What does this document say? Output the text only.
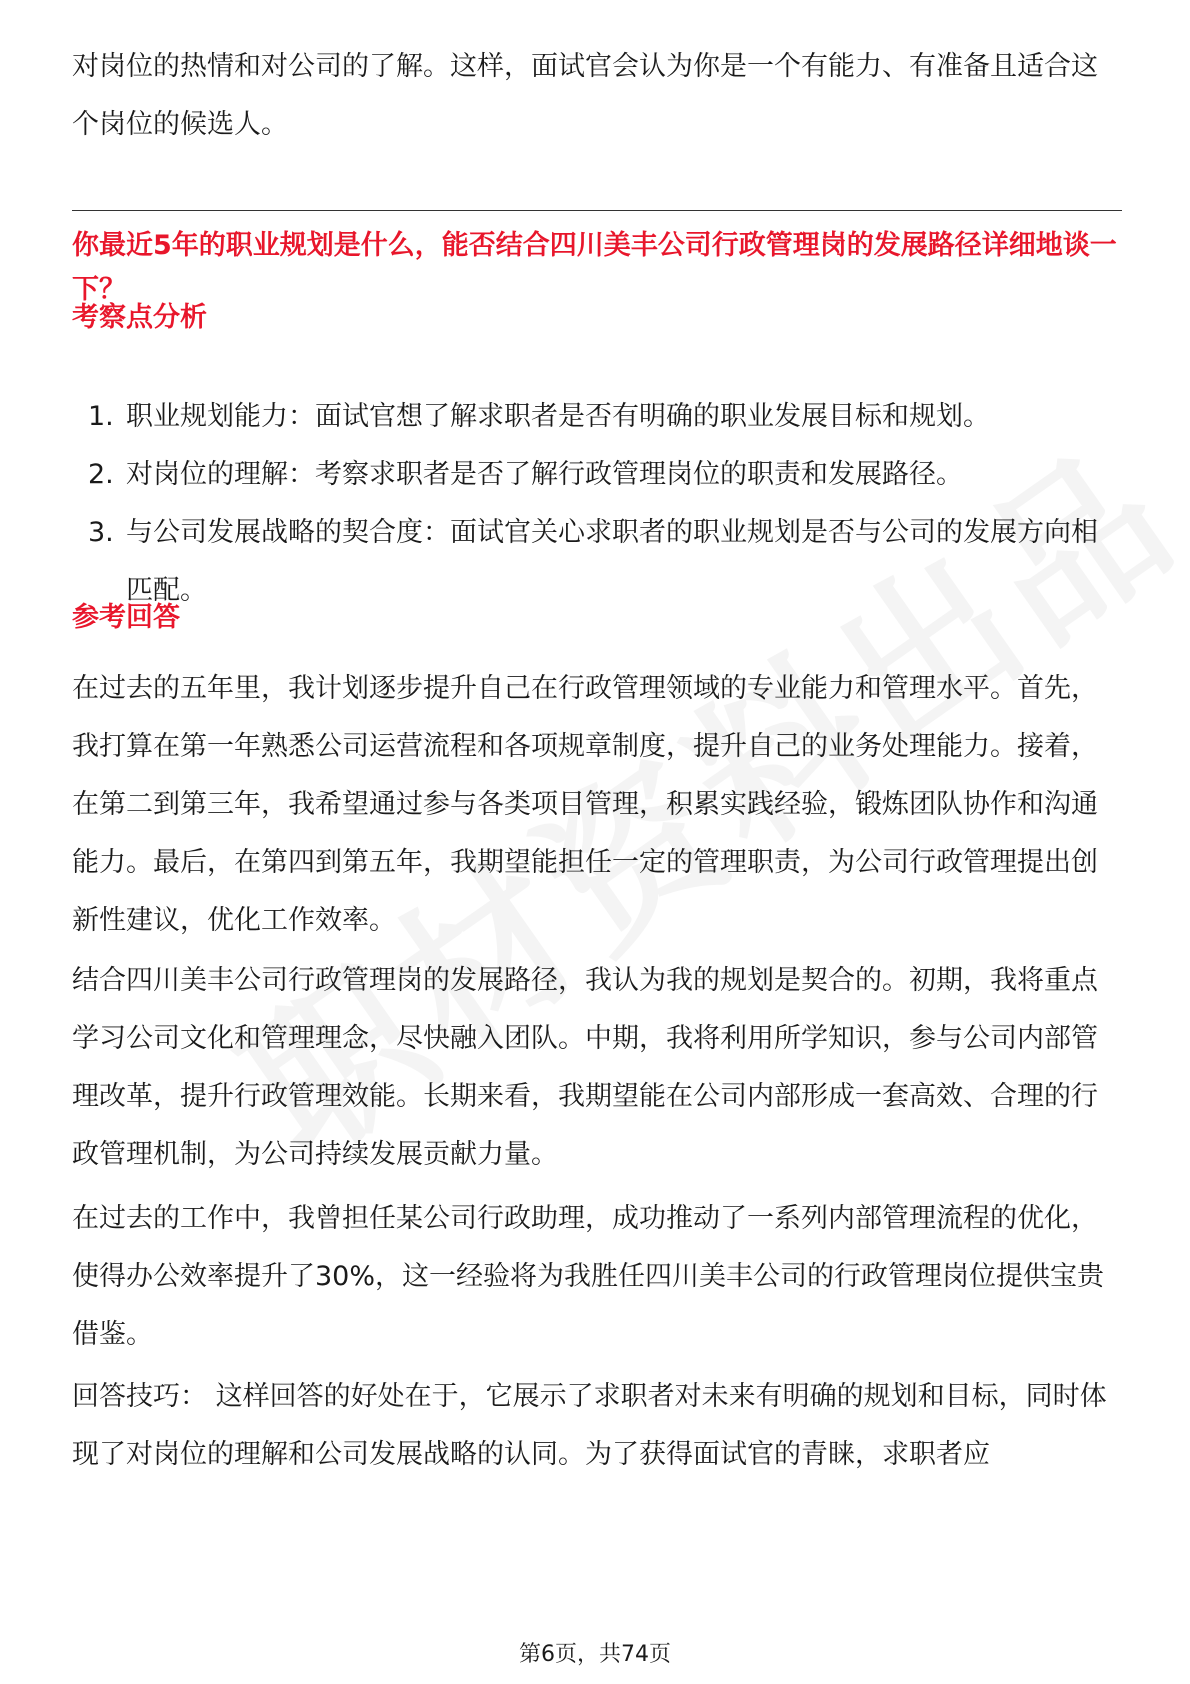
对岗位的热情和对公司的了解。这样，面试官会认为你是一个有能力、有准备且适合这个岗位的候选人。

你最近5年的职业规划是什么，能否结合四川美丰公司行政管理岗的发展路径详细地谈一下？

考察点分析
1. 职业规划能力：面试官想了解求职者是否有明确的职业发展目标和规划。
2. 对岗位的理解：考察求职者是否了解行政管理岗位的职责和发展路径。
3. 与公司发展战略的契合度：面试官关心求职者的职业规划是否与公司的发展方向相匹配。
参考回答

在过去的五年里，我计划逐步提升自己在行政管理领域的专业能力和管理水平。首先，我打算在第一年熟悉公司运营流程和各项规章制度，提升自己的业务处理能力。接着，在第二到第三年，我希望通过参与各类项目管理，积累实践经验，锻炼团队协作和沟通能力。最后，在第四到第五年，我期望能担任一定的管理职责，为公司行政管理提出创新性建议，优化工作效率。

结合四川美丰公司行政管理岗的发展路径，我认为我的规划是契合的。初期，我将重点学习公司文化和管理理念，尽快融入团队。中期，我将利用所学知识，参与公司内部管理改革，提升行政管理效能。长期来看，我期望能在公司内部形成一套高效、合理的行政管理机制，为公司持续发展贡献力量。

在过去的工作中，我曾担任某公司行政助理，成功推动了一系列内部管理流程的优化，使得办公效率提升了30%，这一经验将为我胜任四川美丰公司的行政管理岗位提供宝贵借鉴。

回答技巧： 这样回答的好处在于，它展示了求职者对未来有明确的规划和目标，同时体现了对岗位的理解和公司发展战略的认同。为了获得面试官的青睐，求职者应

第6页，共74页
